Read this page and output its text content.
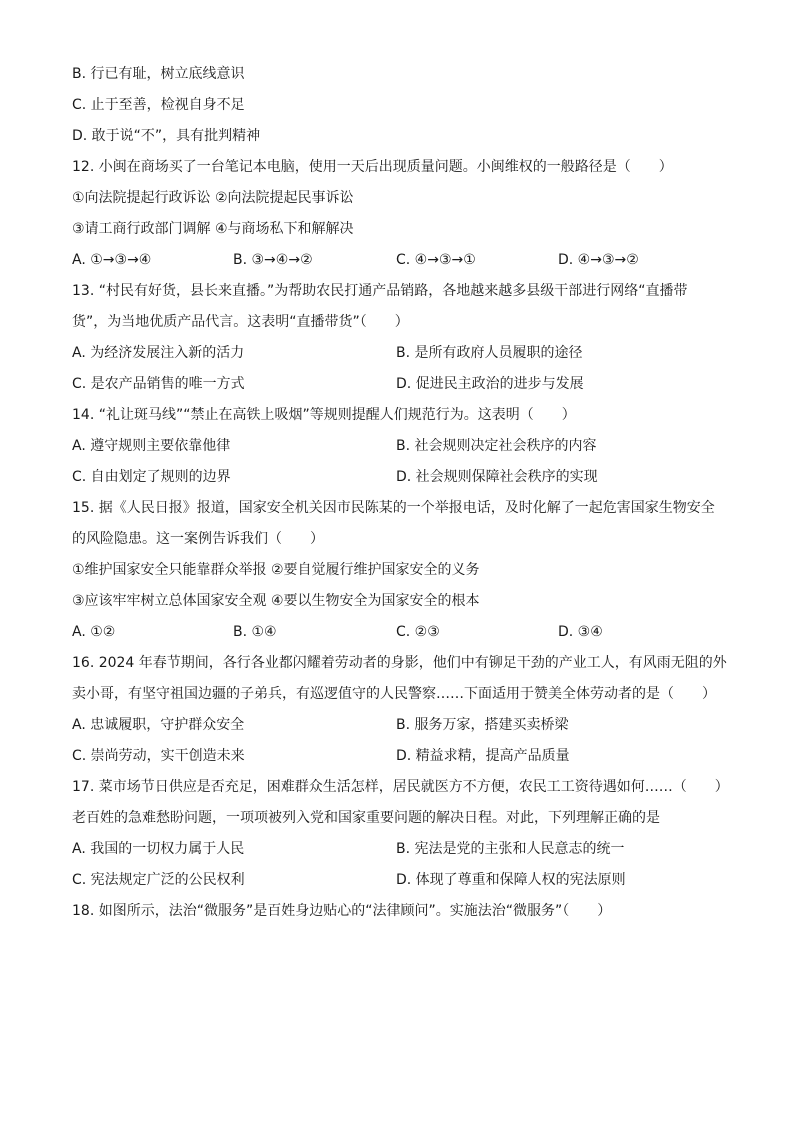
B. 行已有耻，树立底线意识
C. 止于至善，检视自身不足
D. 敢于说“不”，具有批判精神
12. 小闽在商场买了一台笔记本电脑，使用一天后出现质量问题。小闽维权的一般路径是（　　）
①向法院提起行政诉讼 ②向法院提起民事诉讼
③请工商行政部门调解 ④与商场私下和解解决
A. ①→③→④	B. ③→④→②	C. ④→③→①	D. ④→③→②
13. “村民有好货，县长来直播。”为帮助农民打通产品销路，各地越来越多县级干部进行网络“直播带
货”，为当地优质产品代言。这表明“直播带货”（　　）
A. 为经济发展注入新的活力	B. 是所有政府人员履职的途径
C. 是农产品销售的唯一方式	D. 促进民主政治的进步与发展
14. “礼让斑马线”“禁止在高铁上吸烟”等规则提醒人们规范行为。这表明（　　）
A. 遵守规则主要依靠他律	B. 社会规则决定社会秩序的内容
C. 自由划定了规则的边界	D. 社会规则保障社会秩序的实现
15. 据《人民日报》报道，国家安全机关因市民陈某的一个举报电话，及时化解了一起危害国家生物安全
的风险隐患。这一案例告诉我们（　　）
①维护国家安全只能靠群众举报 ②要自觉履行维护国家安全的义务
③应该牢牢树立总体国家安全观 ④要以生物安全为国家安全的根本
A. ①②	B. ①④	C. ②③	D. ③④
16. 2024 年春节期间，各行各业都闪耀着劳动者的身影，他们中有铆足干劲的产业工人，有风雨无阻的外
卖小哥，有坚守祖国边疆的子弟兵，有巡逻值守的人民警察……下面适用于赞美全体劳动者的是（　　）
A. 忠诚履职，守护群众安全	B. 服务万家，搭建买卖桥梁
C. 崇尚劳动，实干创造未来	D. 精益求精，提高产品质量
17. 菜市场节日供应是否充足，困难群众生活怎样，居民就医方不方便，农民工工资待遇如何……（　　）
老百姓的急难愁盼问题，一项项被列入党和国家重要问题的解决日程。对此，下列理解正确的是
A. 我国的一切权力属于人民	B. 宪法是党的主张和人民意志的统一
C. 宪法规定广泛的公民权利	D. 体现了尊重和保障人权的宪法原则
18. 如图所示，法治“微服务”是百姓身边贴心的“法律顾问”。实施法治“微服务”（　　）
